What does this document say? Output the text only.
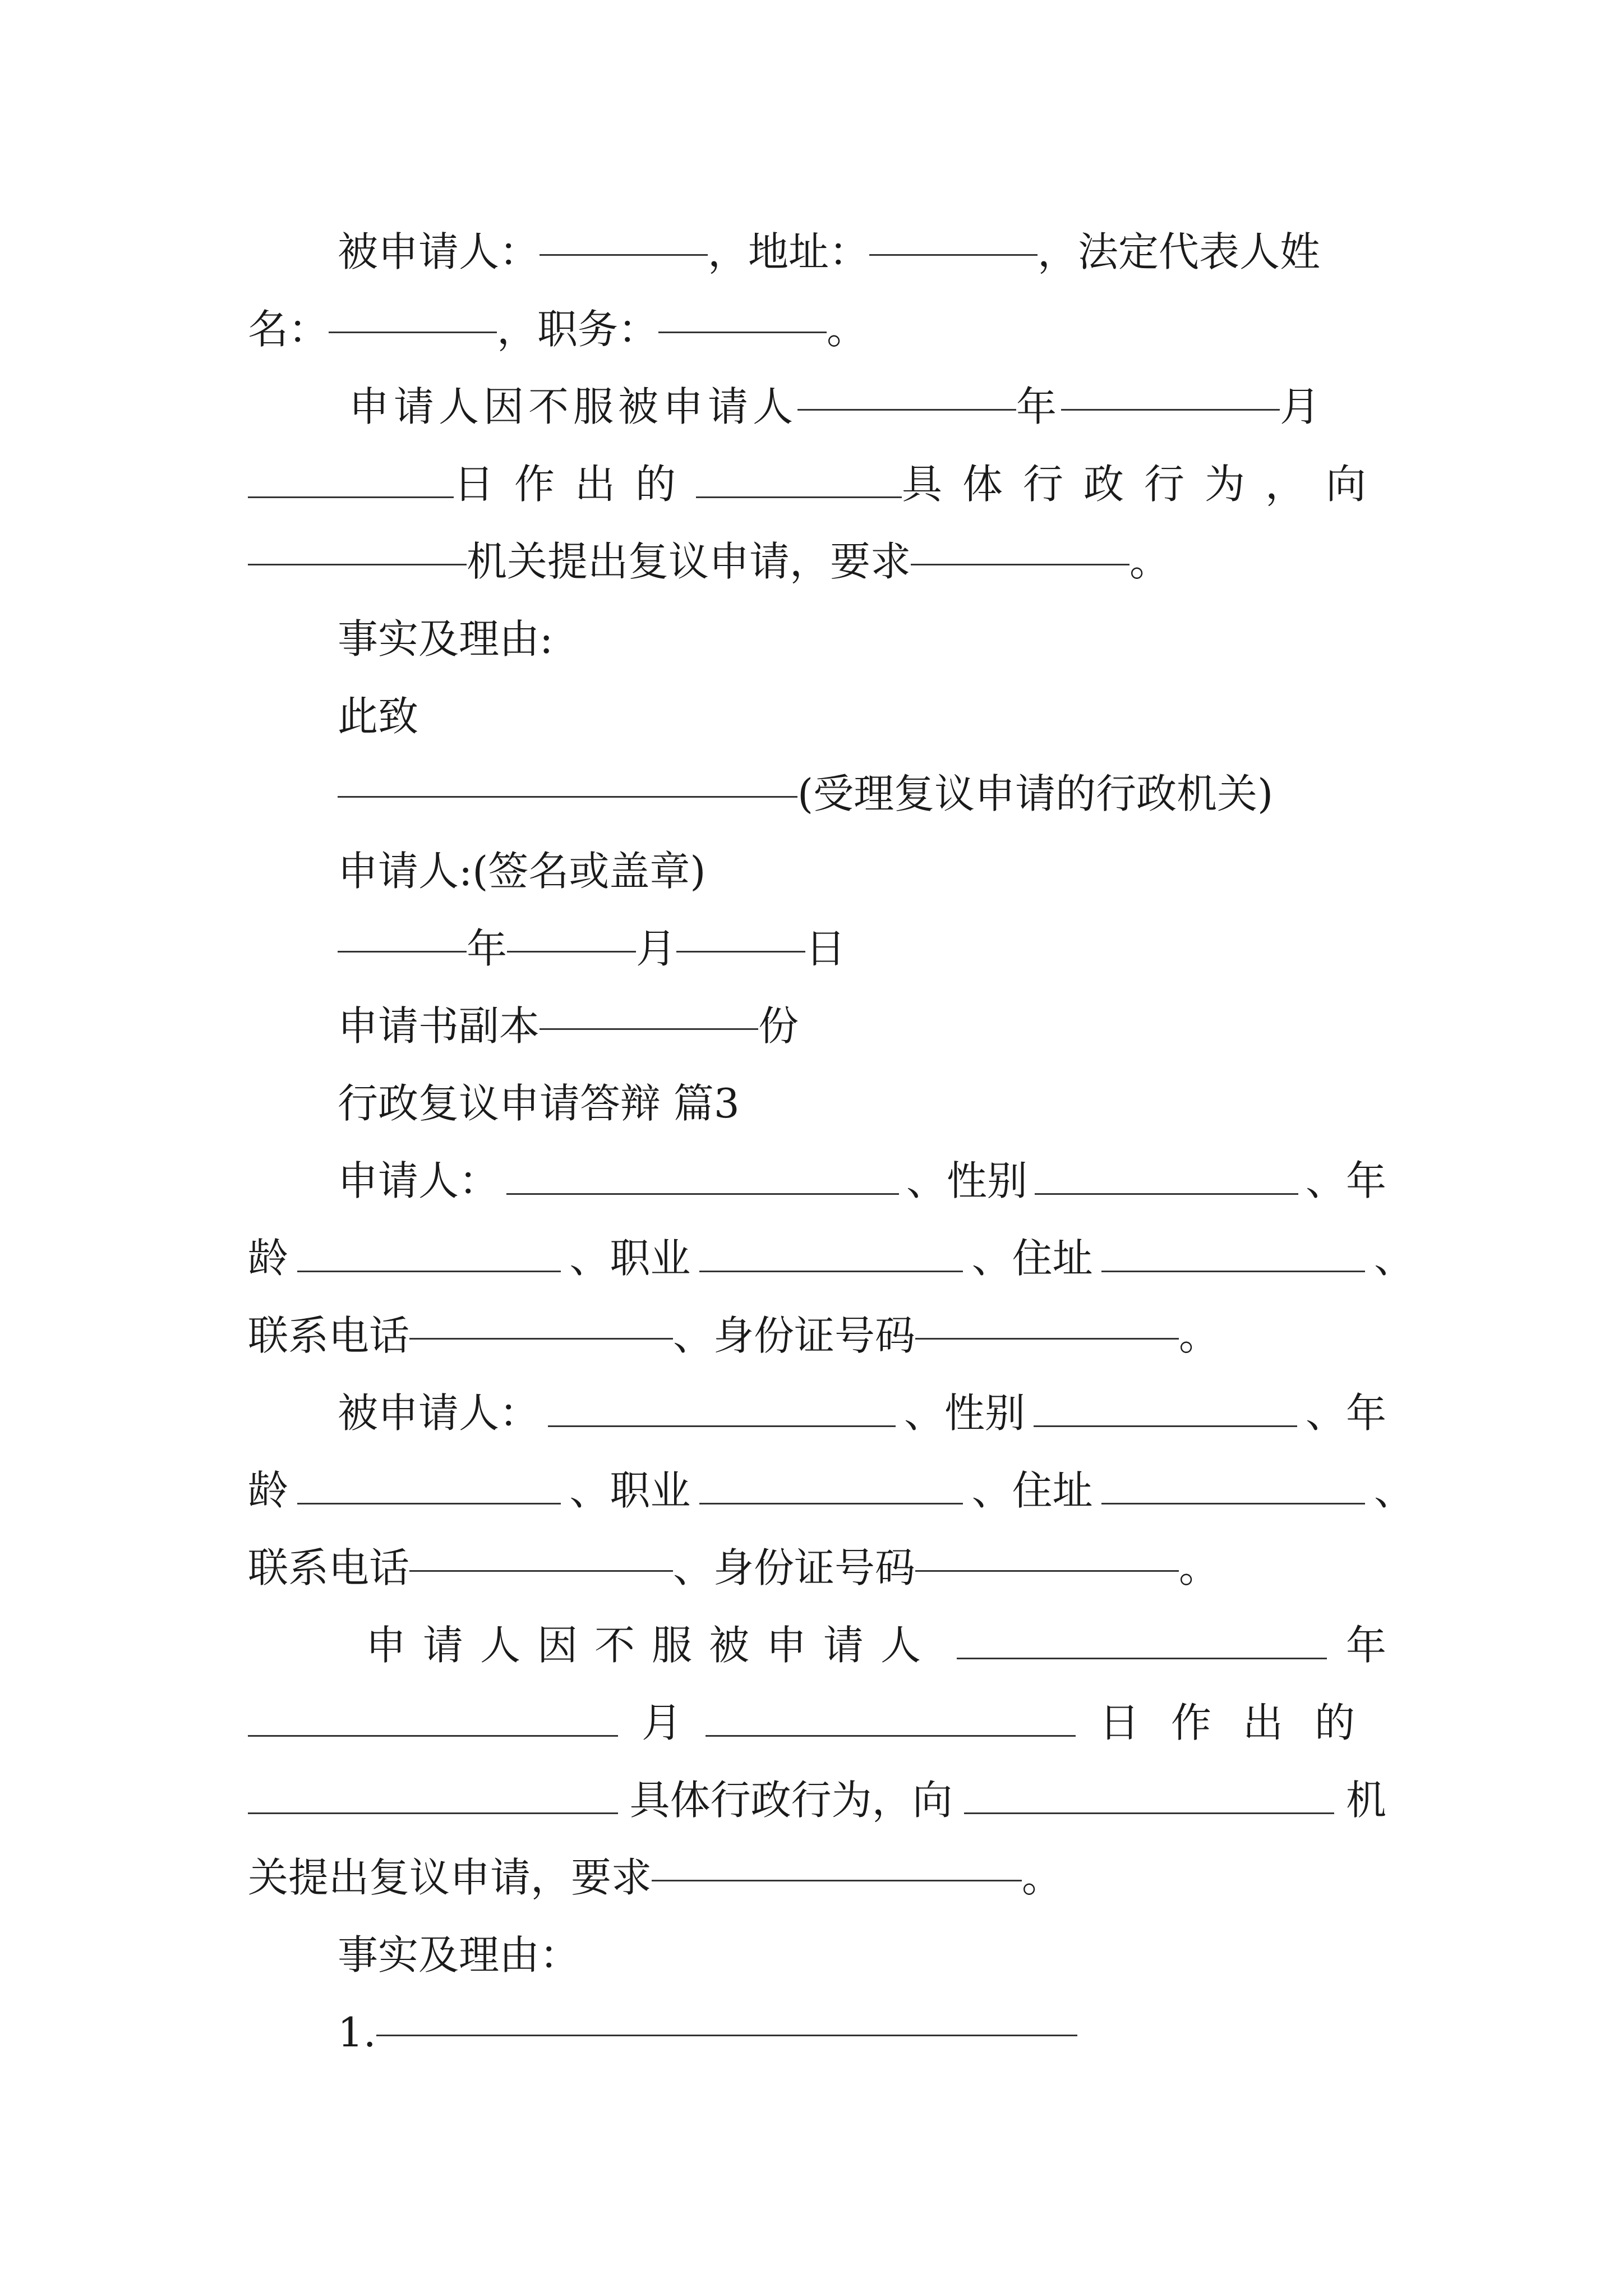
被申请人：	，地址：	，法定代表人姓
名：	，职务：	。
申请人因不服被申请人	年	月
日作出的	具体行政行为，向
机关提出复议申请，要求	。
事实及理由:
此致
(受理复议申请的行政机关)
申请人:(签名或盖章)
年	月	日
申请书副本	份
行政复议申请答辩 篇3
申请人：	、性别	、年
龄	、职业	、住址	、
联系电话	、身份证号码	。
被申请人：	、性别	、年
龄	、职业	、住址	、
联系电话	、身份证号码	。
申请人因不服被申请人	年
月	日作出的
具体行政行为，向	机
关提出复议申请，要求	。
事实及理由：
1.
